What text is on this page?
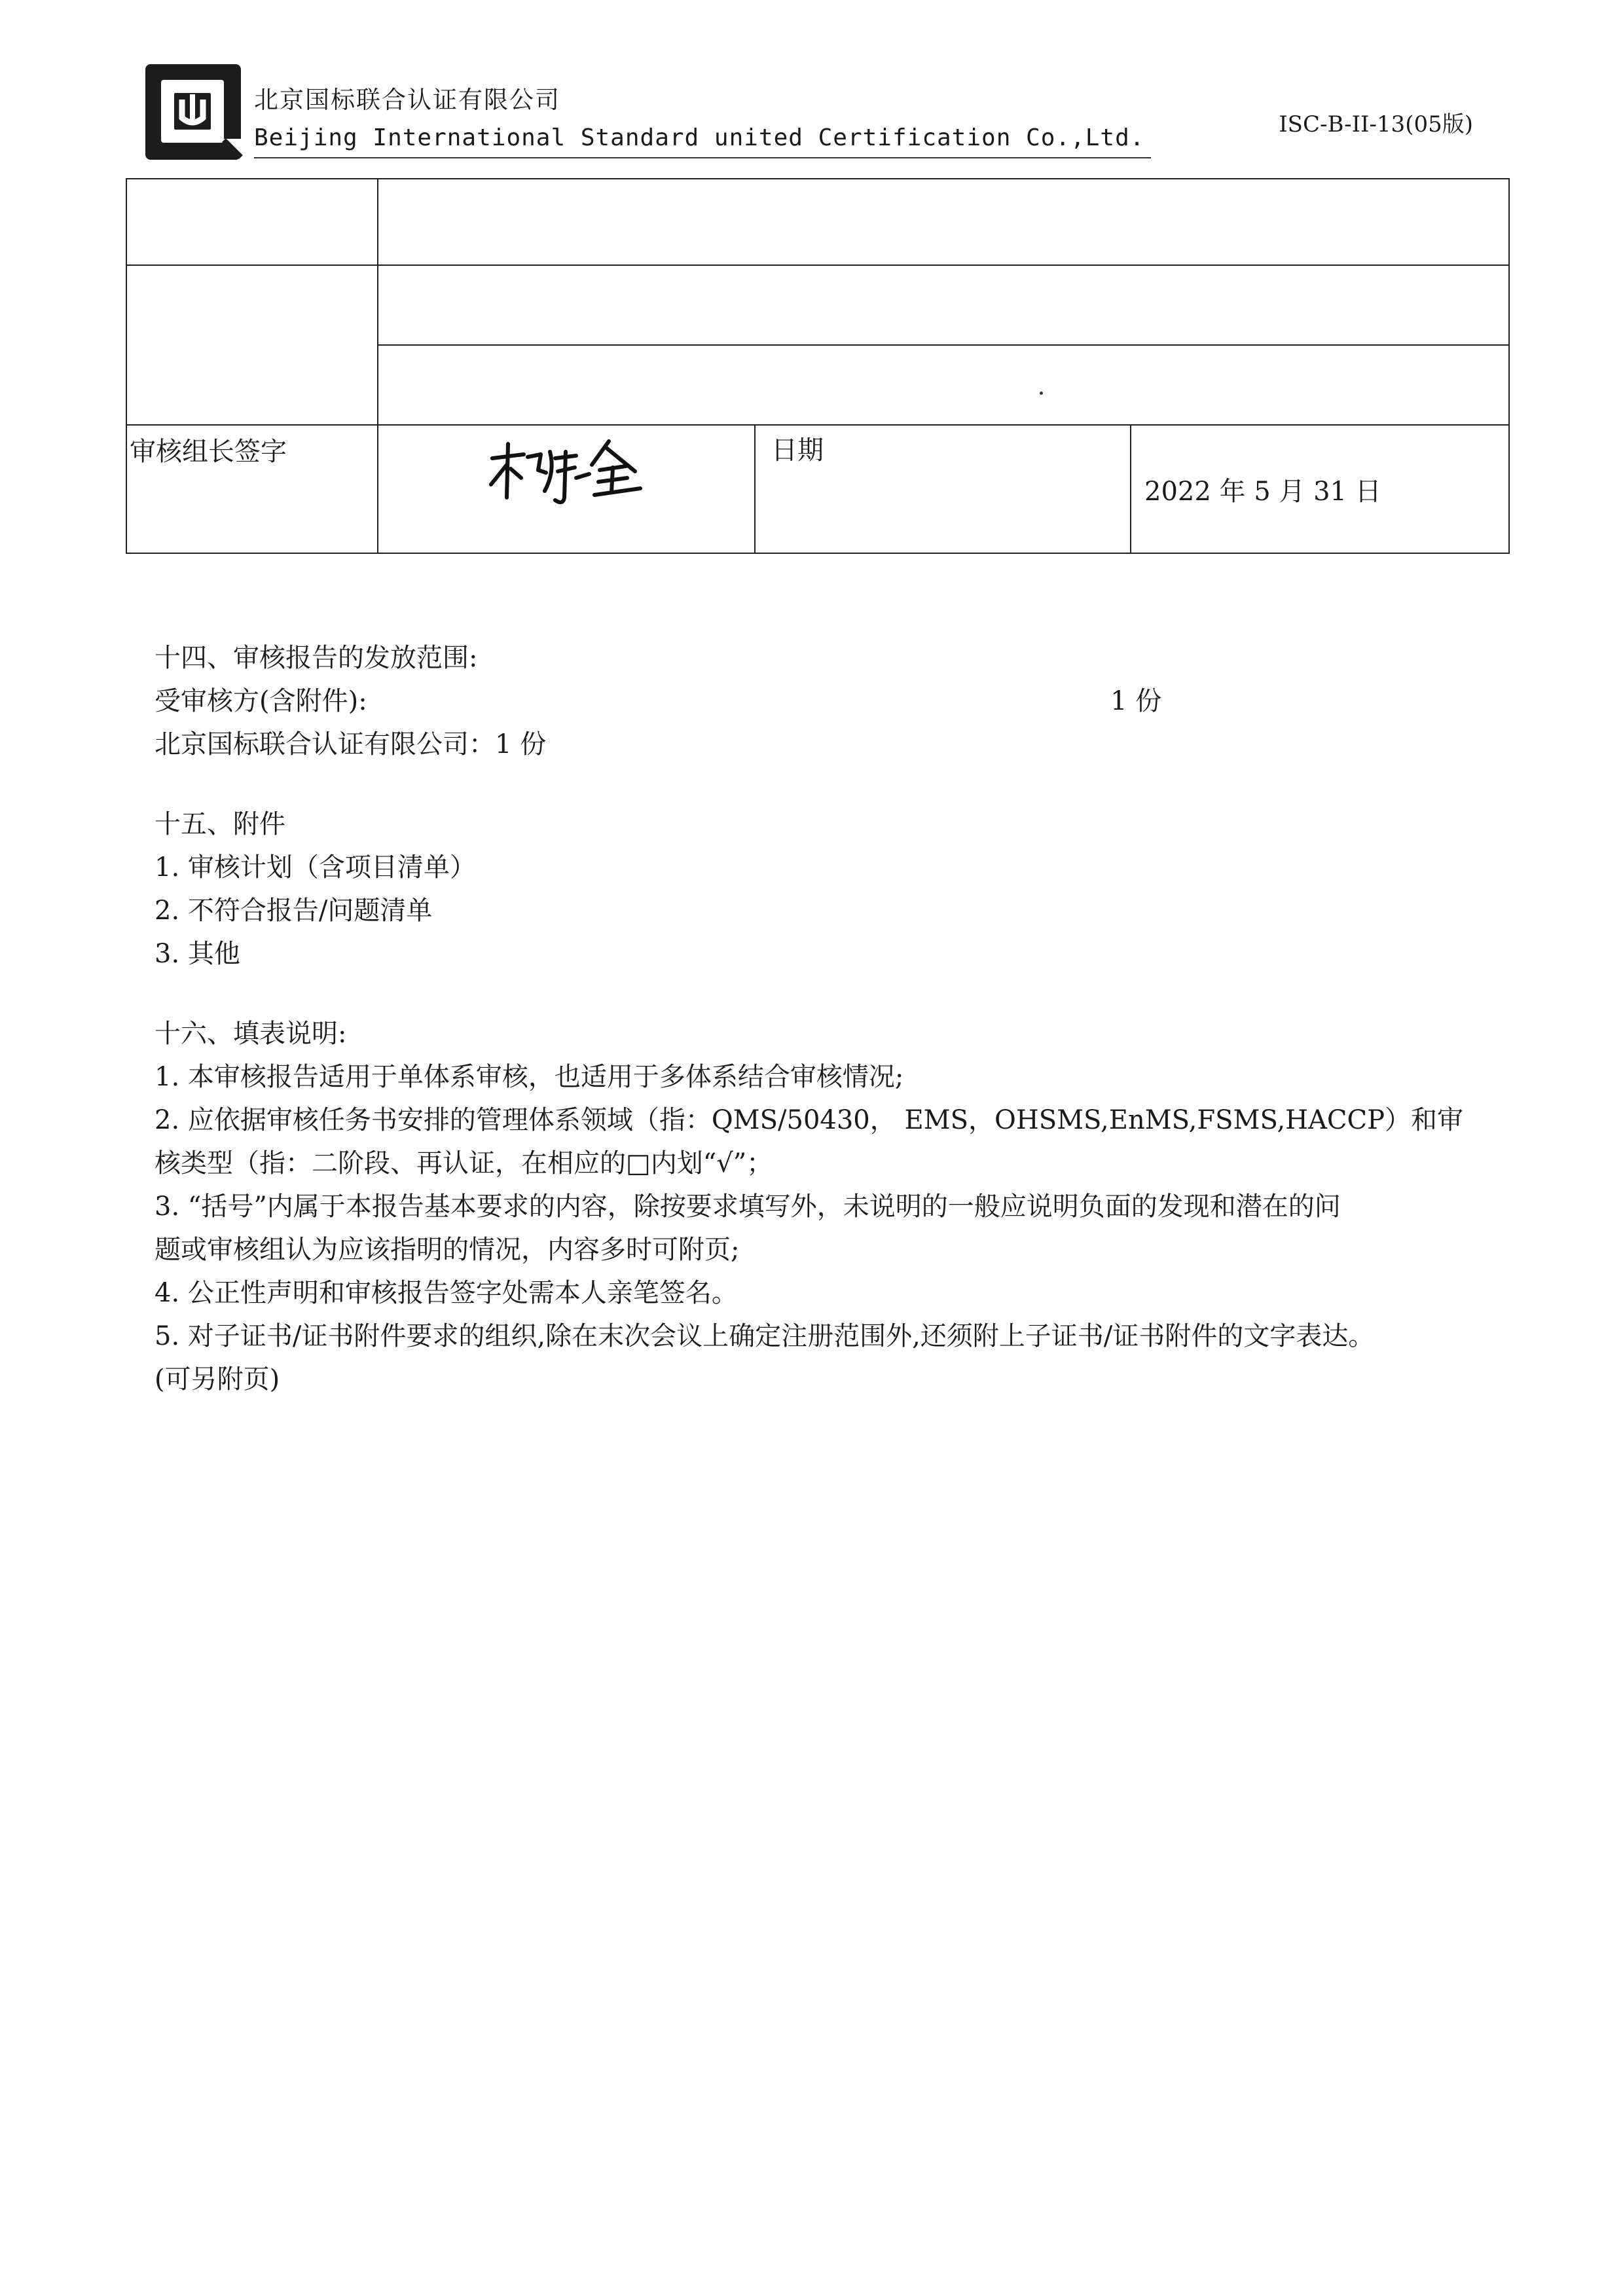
北京国标联合认证有限公司
Beijing International Standard united Certification Co.,Ltd.	ISC-B-II-13(05版)

审核组长签字		日期	2022 年 5 月 31 日
十四、审核报告的发放范围:
受审核方(含附件):	1 份
北京国标联合认证有限公司：1 份
十五、附件
1. 审核计划（含项目清单）
2. 不符合报告/问题清单
3. 其他
十六、填表说明:
1. 本审核报告适用于单体系审核，也适用于多体系结合审核情况;
2. 应依据审核任务书安排的管理体系领域（指：QMS/50430， EMS，OHSMS,EnMS,FSMS,HACCP）和审
核类型（指：二阶段、再认证，在相应的□内划“√”；
3. “括号”内属于本报告基本要求的内容，除按要求填写外，未说明的一般应说明负面的发现和潜在的问
题或审核组认为应该指明的情况，内容多时可附页;
4. 公正性声明和审核报告签字处需本人亲笔签名。
5. 对子证书/证书附件要求的组织,除在末次会议上确定注册范围外,还须附上子证书/证书附件的文字表达。
(可另附页)
